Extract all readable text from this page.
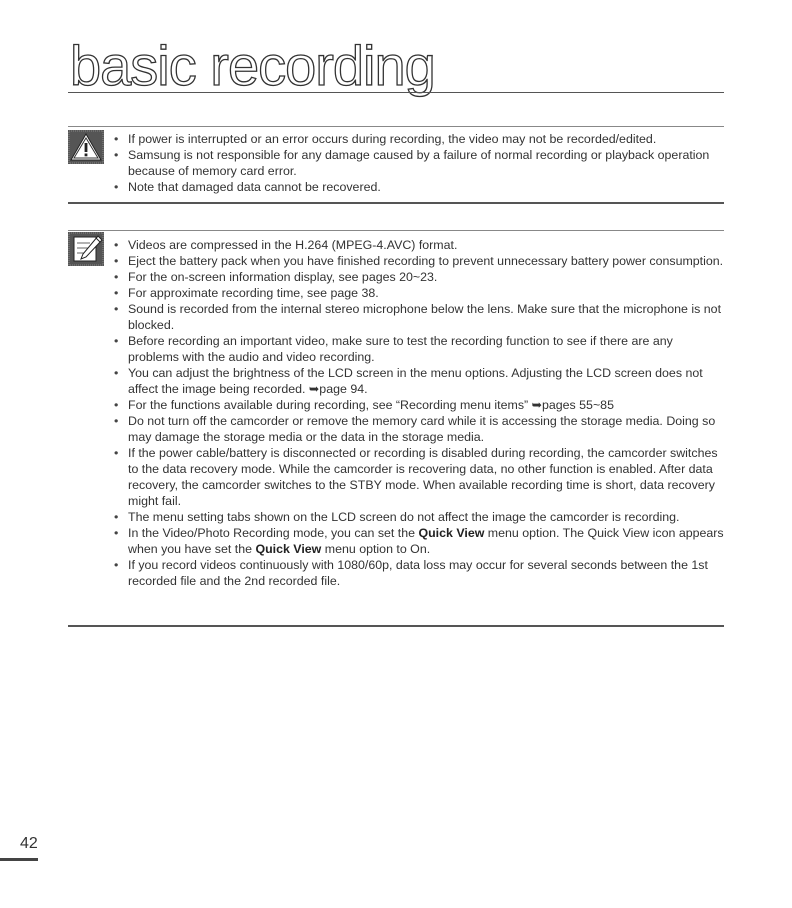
basic recording
• If power is interrupted or an error occurs during recording, the video may not be recorded/edited.
• Samsung is not responsible for any damage caused by a failure of normal recording or playback operation because of memory card error.
• Note that damaged data cannot be recovered.
• Videos are compressed in the H.264 (MPEG-4.AVC) format.
• Eject the battery pack when you have finished recording to prevent unnecessary battery power consumption.
• For the on-screen information display, see pages 20~23.
• For approximate recording time, see page 38.
• Sound is recorded from the internal stereo microphone below the lens. Make sure that the microphone is not blocked.
• Before recording an important video, make sure to test the recording function to see if there are any problems with the audio and video recording.
• You can adjust the brightness of the LCD screen in the menu options. Adjusting the LCD screen does not affect the image being recorded. ➥page 94.
• For the functions available during recording, see “Recording menu items” ➥pages 55~85
• Do not turn off the camcorder or remove the memory card while it is accessing the storage media. Doing so may damage the storage media or the data in the storage media.
• If the power cable/battery is disconnected or recording is disabled during recording, the camcorder switches to the data recovery mode. While the camcorder is recovering data, no other function is enabled. After data recovery, the camcorder switches to the STBY mode. When available recording time is short, data recovery might fail.
• The menu setting tabs shown on the LCD screen do not affect the image the camcorder is recording.
• In the Video/Photo Recording mode, you can set the Quick View menu option. The Quick View icon appears when you have set the Quick View menu option to On.
• If you record videos continuously with 1080/60p, data loss may occur for several seconds between the 1st recorded file and the 2nd recorded file.
42
